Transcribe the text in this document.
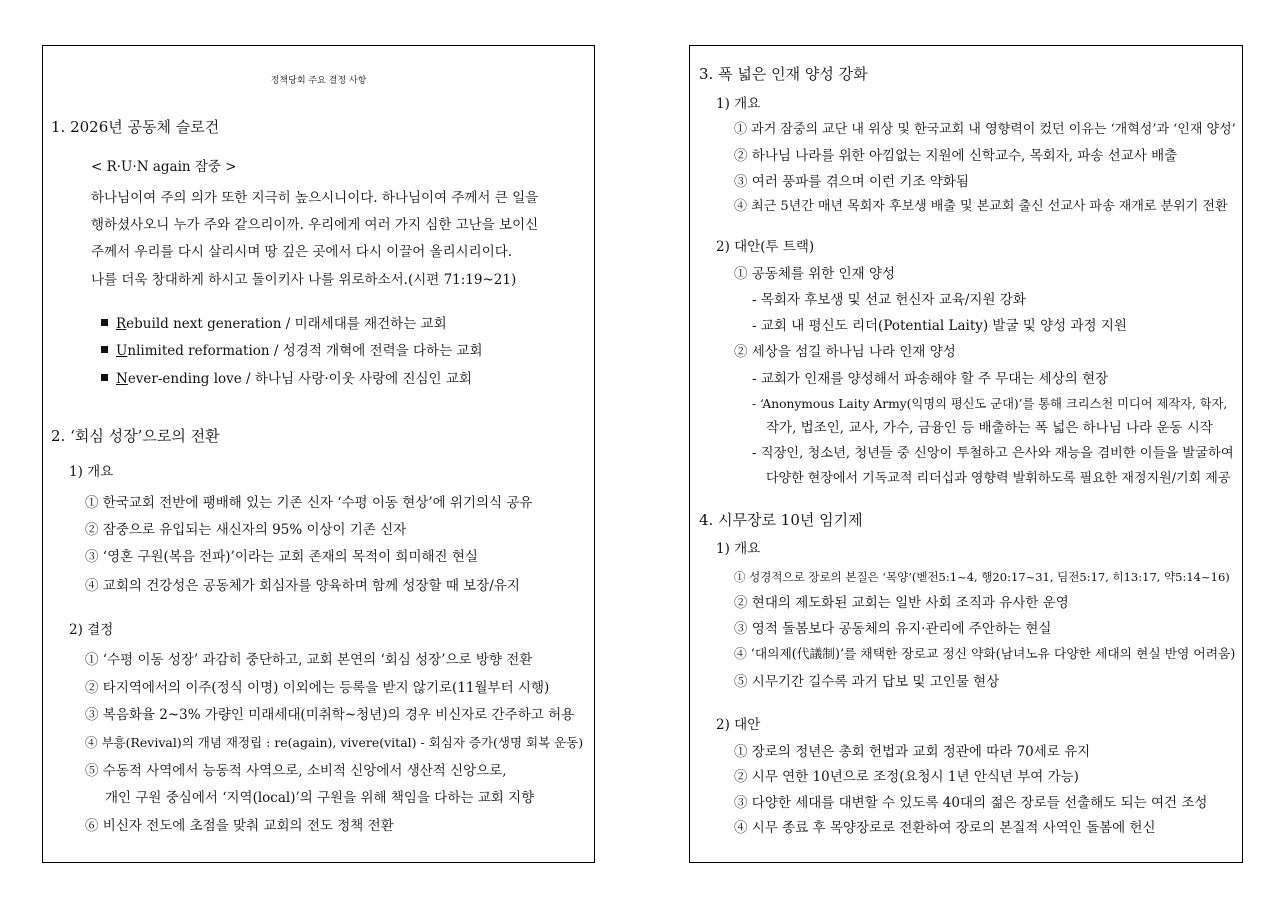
정책당회 주요 결정 사항
1. 2026년 공동체 슬로건
< R·U·N again 잠중 >
하나님이여 주의 의가 또한 지극히 높으시니이다. 하나님이여 주께서 큰 일을
행하셨사오니 누가 주와 같으리이까. 우리에게 여러 가지 심한 고난을 보이신
주께서 우리를 다시 살리시며 땅 깊은 곳에서 다시 이끌어 올리시리이다.
나를 더욱 창대하게 하시고 돌이키사 나를 위로하소서.(시편 71:19~21)
Rebuild next generation / 미래세대를 재건하는 교회
Unlimited reformation / 성경적 개혁에 전력을 다하는 교회
Never-ending love / 하나님 사랑·이웃 사랑에 진심인 교회
2. ‘회심 성장’으로의 전환
1) 개요
① 한국교회 전반에 팽배해 있는 기존 신자 ‘수평 이동 현상’에 위기의식 공유
② 잠중으로 유입되는 새신자의 95% 이상이 기존 신자
③ ‘영혼 구원(복음 전파)’이라는 교회 존재의 목적이 희미해진 현실
④ 교회의 건강성은 공동체가 회심자를 양육하며 함께 성장할 때 보장/유지
2) 결정
① ‘수평 이동 성장’ 과감히 중단하고, 교회 본연의 ‘회심 성장’으로 방향 전환
② 타지역에서의 이주(정식 이명) 이외에는 등록을 받지 않기로(11월부터 시행)
③ 복음화율 2~3% 가량인 미래세대(미취학~청년)의 경우 비신자로 간주하고 허용
④ 부흥(Revival)의 개념 재정립 : re(again), vivere(vital) - 회심자 증가(생명 회복 운동)
⑤ 수동적 사역에서 능동적 사역으로, 소비적 신앙에서 생산적 신앙으로,
개인 구원 중심에서 ‘지역(local)’의 구원을 위해 책임을 다하는 교회 지향
⑥ 비신자 전도에 초점을 맞춰 교회의 전도 정책 전환
3. 폭 넓은 인재 양성 강화
1) 개요
① 과거 잠중의 교단 내 위상 및 한국교회 내 영향력이 컸던 이유는 ‘개혁성’과 ‘인재 양성’
② 하나님 나라를 위한 아낌없는 지원에 신학교수, 목회자, 파송 선교사 배출
③ 여러 풍파를 겪으며 이런 기조 약화됨
④ 최근 5년간 매년 목회자 후보생 배출 및 본교회 출신 선교사 파송 재개로 분위기 전환
2) 대안(투 트랙)
① 공동체를 위한 인재 양성
- 목회자 후보생 및 선교 헌신자 교육/지원 강화
- 교회 내 평신도 리더(Potential Laity) 발굴 및 양성 과정 지원
② 세상을 섬길 하나님 나라 인재 양성
- 교회가 인재를 양성해서 파송해야 할 주 무대는 세상의 현장
- ‘Anonymous Laity Army(익명의 평신도 군대)’를 통해 크리스천 미디어 제작자, 학자,
작가, 법조인, 교사, 가수, 금융인 등 배출하는 폭 넓은 하나님 나라 운동 시작
- 직장인, 청소년, 청년들 중 신앙이 투철하고 은사와 재능을 겸비한 이들을 발굴하여
다양한 현장에서 기독교적 리더십과 영향력 발휘하도록 필요한 재정지원/기회 제공
4. 시무장로 10년 임기제
1) 개요
① 성경적으로 장로의 본질은 ‘목양’(벧전5:1~4, 행20:17~31, 딤전5:17, 히13:17, 약5:14~16)
② 현대의 제도화된 교회는 일반 사회 조직과 유사한 운영
③ 영적 돌봄보다 공동체의 유지·관리에 주안하는 현실
④ ‘대의제(代議制)’를 채택한 장로교 정신 약화(남녀노유 다양한 세대의 현실 반영 어려움)
⑤ 시무기간 길수록 과거 답보 및 고인물 현상
2) 대안
① 장로의 정년은 총회 헌법과 교회 정관에 따라 70세로 유지
② 시무 연한 10년으로 조정(요청시 1년 안식년 부여 가능)
③ 다양한 세대를 대변할 수 있도록 40대의 젊은 장로들 선출해도 되는 여건 조성
④ 시무 종료 후 목양장로로 전환하여 장로의 본질적 사역인 돌봄에 헌신
